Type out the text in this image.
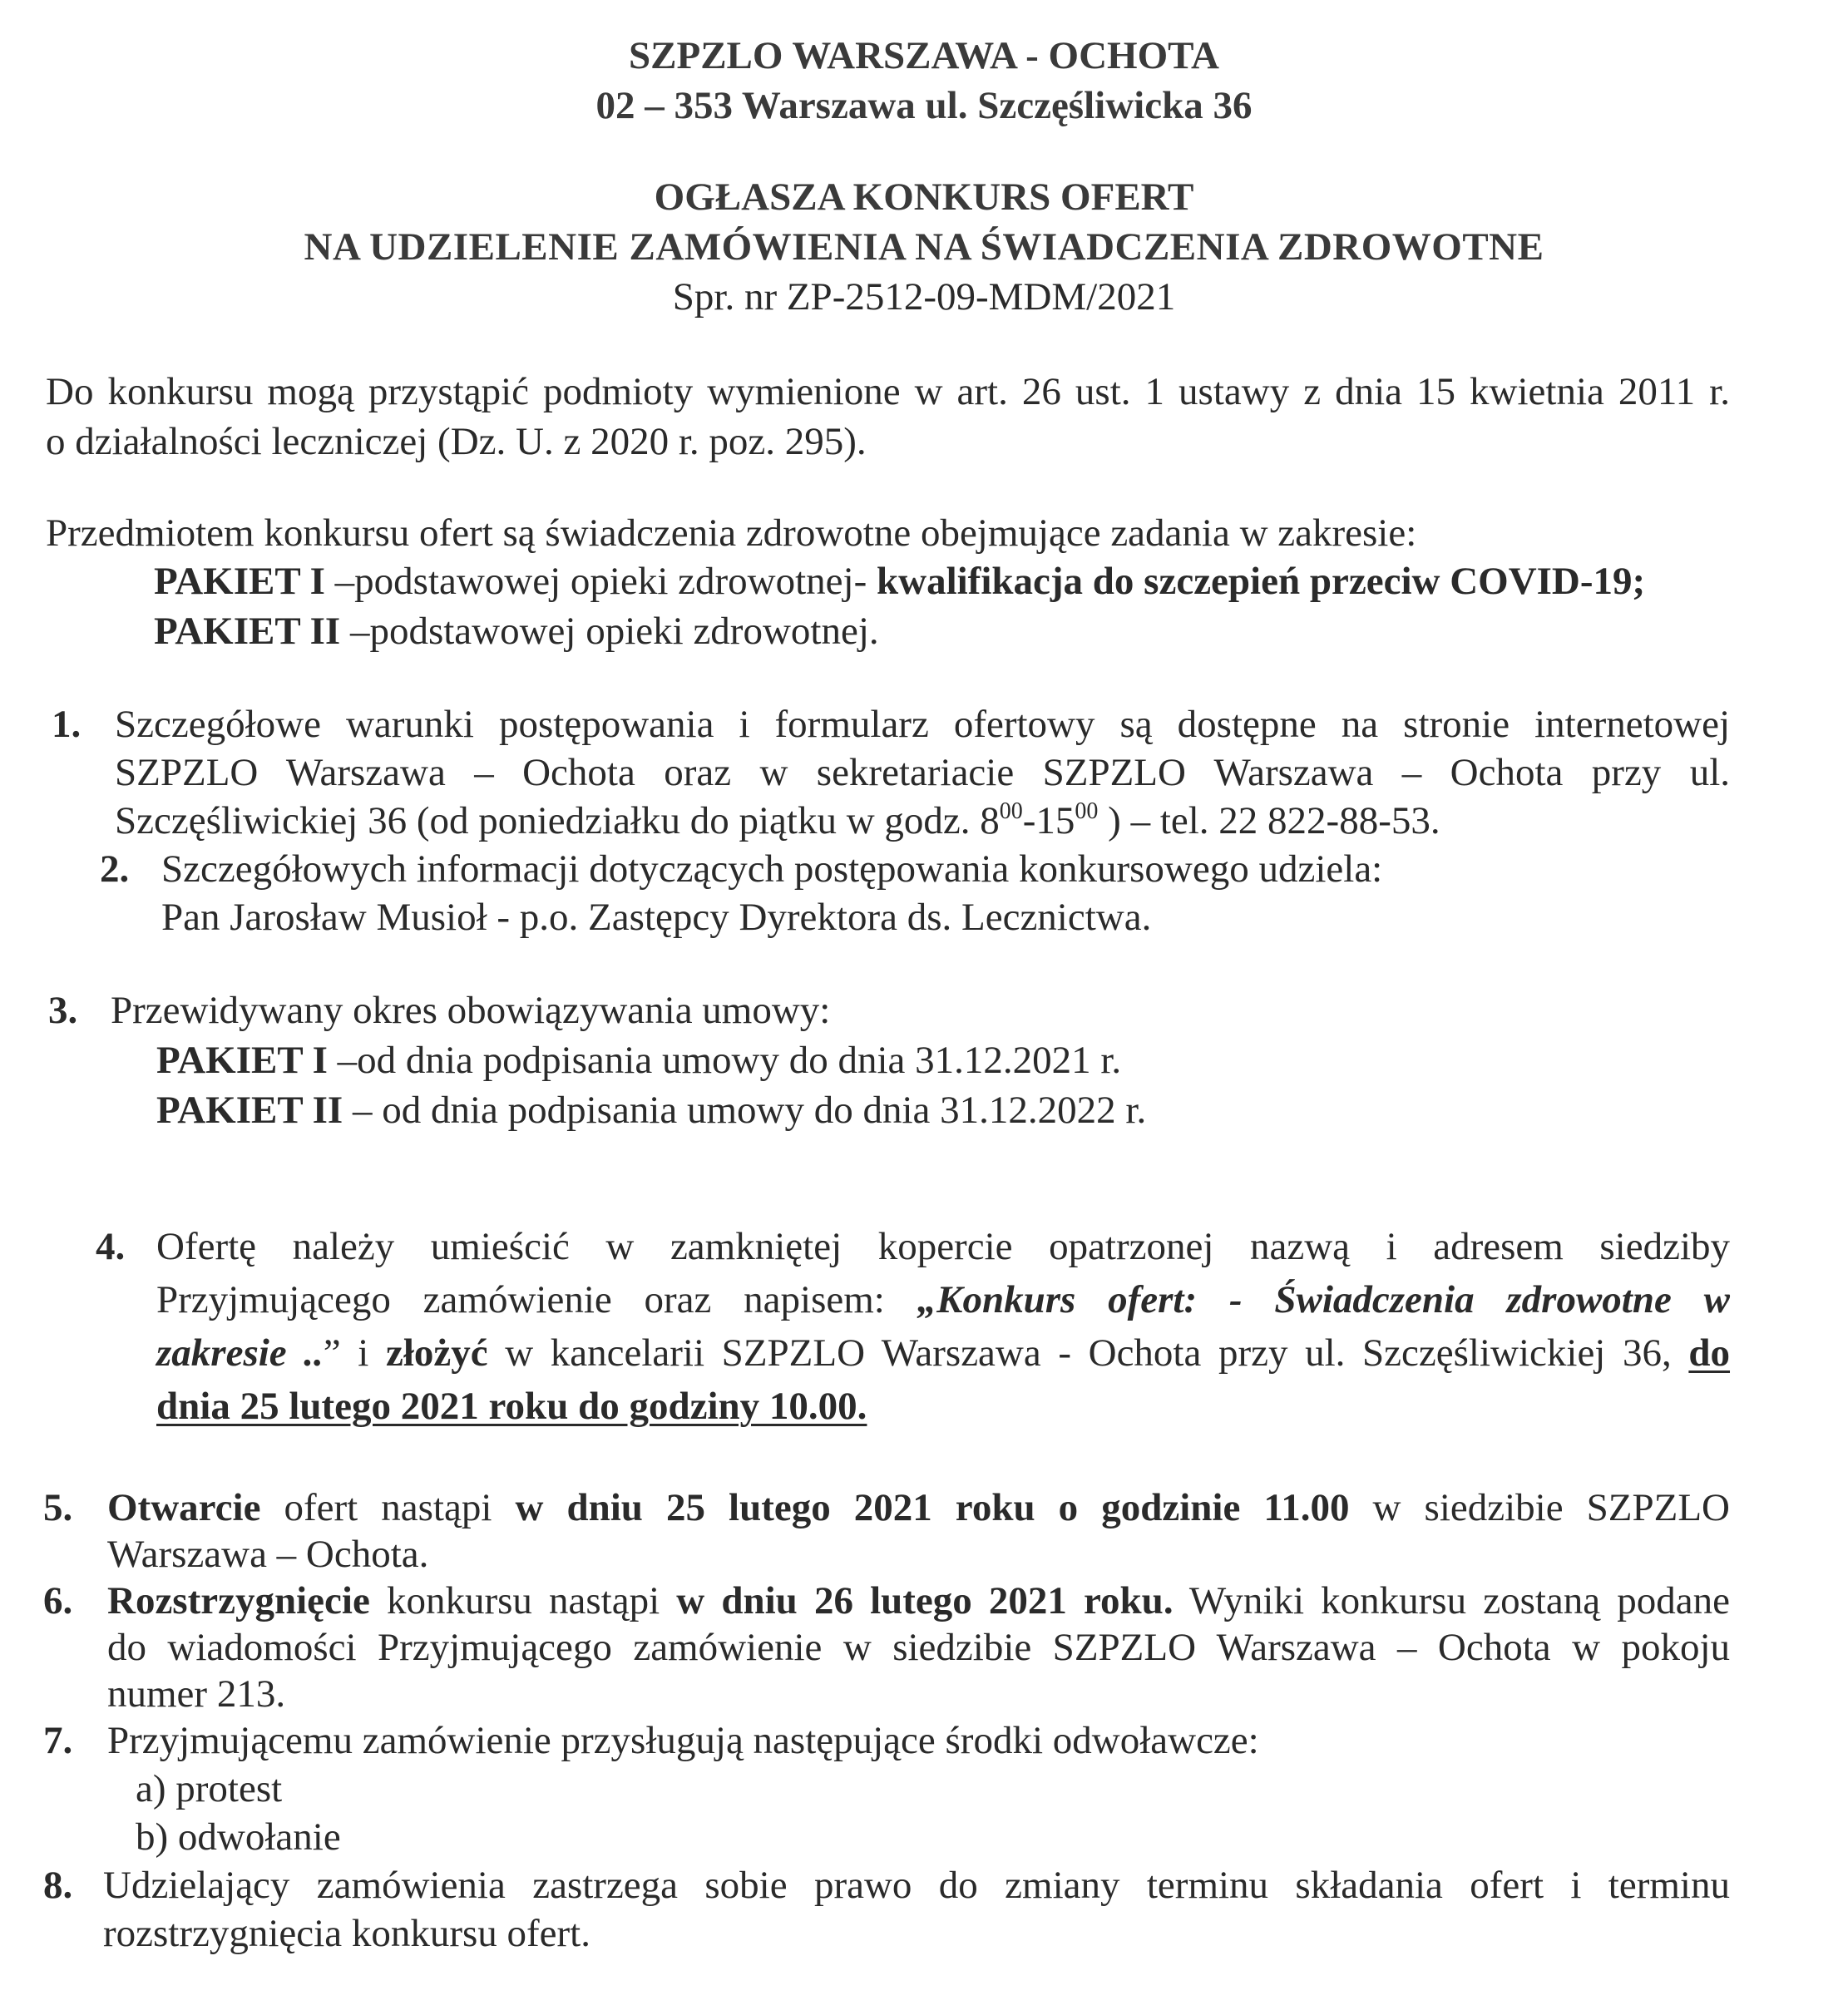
SZPZLO WARSZAWA - OCHOTA
02 – 353 Warszawa ul. Szczęśliwicka 36
OGŁASZA KONKURS OFERT
NA UDZIELENIE ZAMÓWIENIA NA ŚWIADCZENIA ZDROWOTNE
Spr. nr ZP-2512-09-MDM/2021
Do konkursu mogą przystąpić podmioty wymienione w art. 26 ust. 1 ustawy z dnia 15 kwietnia 2011 r.
o działalności leczniczej (Dz. U. z 2020 r. poz. 295).
Przedmiotem konkursu ofert są świadczenia zdrowotne obejmujące zadania w zakresie:
PAKIET I –podstawowej opieki zdrowotnej- kwalifikacja do szczepień przeciw COVID-19;
PAKIET II –podstawowej opieki zdrowotnej.
1. Szczegółowe warunki postępowania i formularz ofertowy są dostępne na stronie internetowej
SZPZLO Warszawa – Ochota oraz w sekretariacie SZPZLO Warszawa – Ochota przy ul.
Szczęśliwickiej 36 (od poniedziałku do piątku w godz. $8^{00}-15^{00}$ ) – tel. 22 822-88-53.
2. Szczegółowych informacji dotyczących postępowania konkursowego udziela:
Pan Jarosław Musioł - p.o. Zastępcy Dyrektora ds. Lecznictwa.
3. Przewidywany okres obowiązywania umowy:
PAKIET I –od dnia podpisania umowy do dnia 31.12.2021 r.
PAKIET II – od dnia podpisania umowy do dnia 31.12.2022 r.
4. Ofertę należy umieścić w zamkniętej kopercie opatrzonej nazwą i adresem siedziby
Przyjmującego zamówienie oraz napisem: „Konkurs ofert: - Świadczenia zdrowotne w
zakresie ..” i złożyć w kancelarii SZPZLO Warszawa - Ochota przy ul. Szczęśliwickiej 36, do
dnia 25 lutego 2021 roku do godziny 10.00.
5. Otwarcie ofert nastąpi w dniu 25 lutego 2021 roku o godzinie 11.00 w siedzibie SZPZLO
Warszawa – Ochota.
6. Rozstrzygnięcie konkursu nastąpi w dniu 26 lutego 2021 roku. Wyniki konkursu zostaną podane
do wiadomości Przyjmującego zamówienie w siedzibie SZPZLO Warszawa – Ochota w pokoju
numer 213.
7. Przyjmującemu zamówienie przysługują następujące środki odwoławcze:
a) protest
b) odwołanie
8. Udzielający zamówienia zastrzega sobie prawo do zmiany terminu składania ofert i terminu
rozstrzygnięcia konkursu ofert.
